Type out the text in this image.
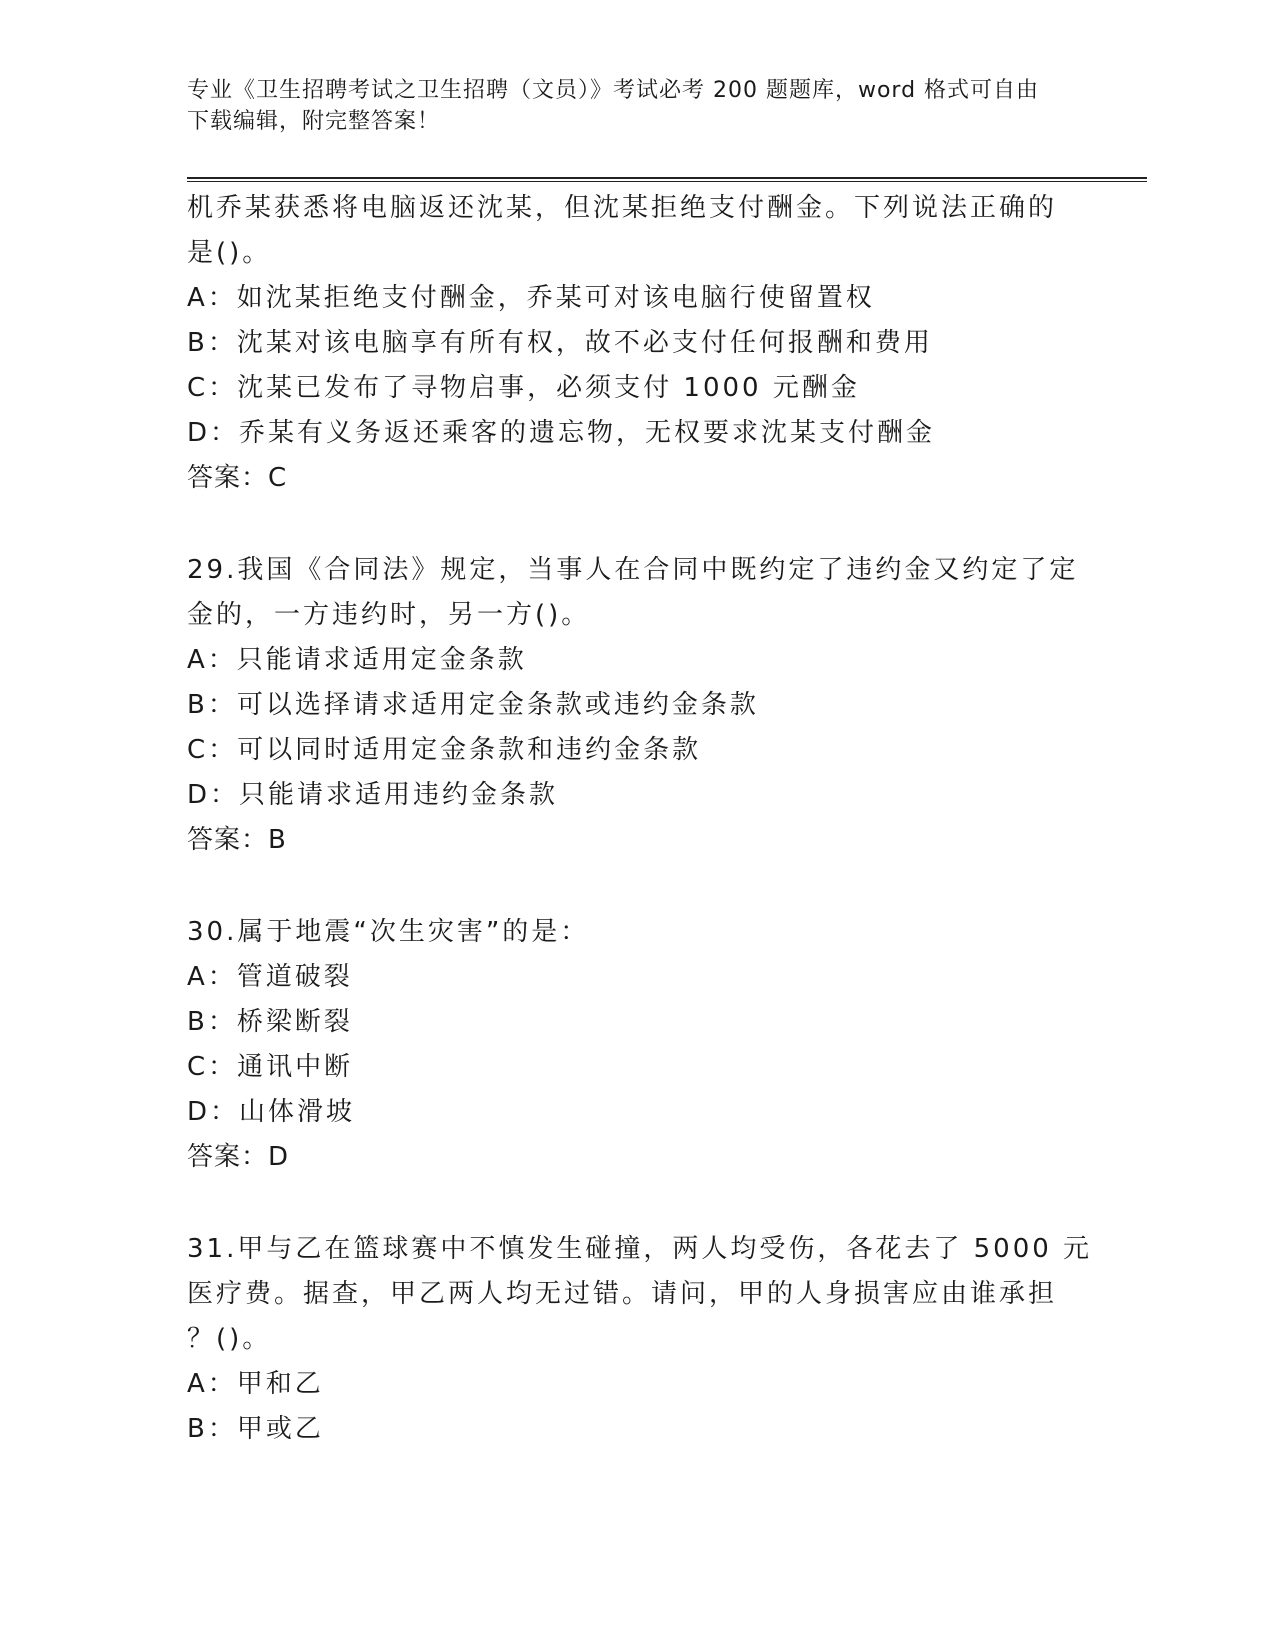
专业《卫生招聘考试之卫生招聘（文员）》考试必考 200 题题库，word 格式可自由下载编辑，附完整答案！
机乔某获悉将电脑返还沈某，但沈某拒绝支付酬金。下列说法正确的
是()。
A：如沈某拒绝支付酬金，乔某可对该电脑行使留置权
B：沈某对该电脑享有所有权，故不必支付任何报酬和费用
C：沈某已发布了寻物启事，必须支付 1000 元酬金
D：乔某有义务返还乘客的遗忘物，无权要求沈某支付酬金
答案：C
29.我国《合同法》规定，当事人在合同中既约定了违约金又约定了定
金的，一方违约时，另一方()。
A：只能请求适用定金条款
B：可以选择请求适用定金条款或违约金条款
C：可以同时适用定金条款和违约金条款
D：只能请求适用违约金条款
答案：B
30.属于地震“次生灾害”的是：
A：管道破裂
B：桥梁断裂
C：通讯中断
D：山体滑坡
答案：D
31.甲与乙在篮球赛中不慎发生碰撞，两人均受伤，各花去了 5000 元
医疗费。据查，甲乙两人均无过错。请问，甲的人身损害应由谁承担
？()。
A：甲和乙
B：甲或乙
